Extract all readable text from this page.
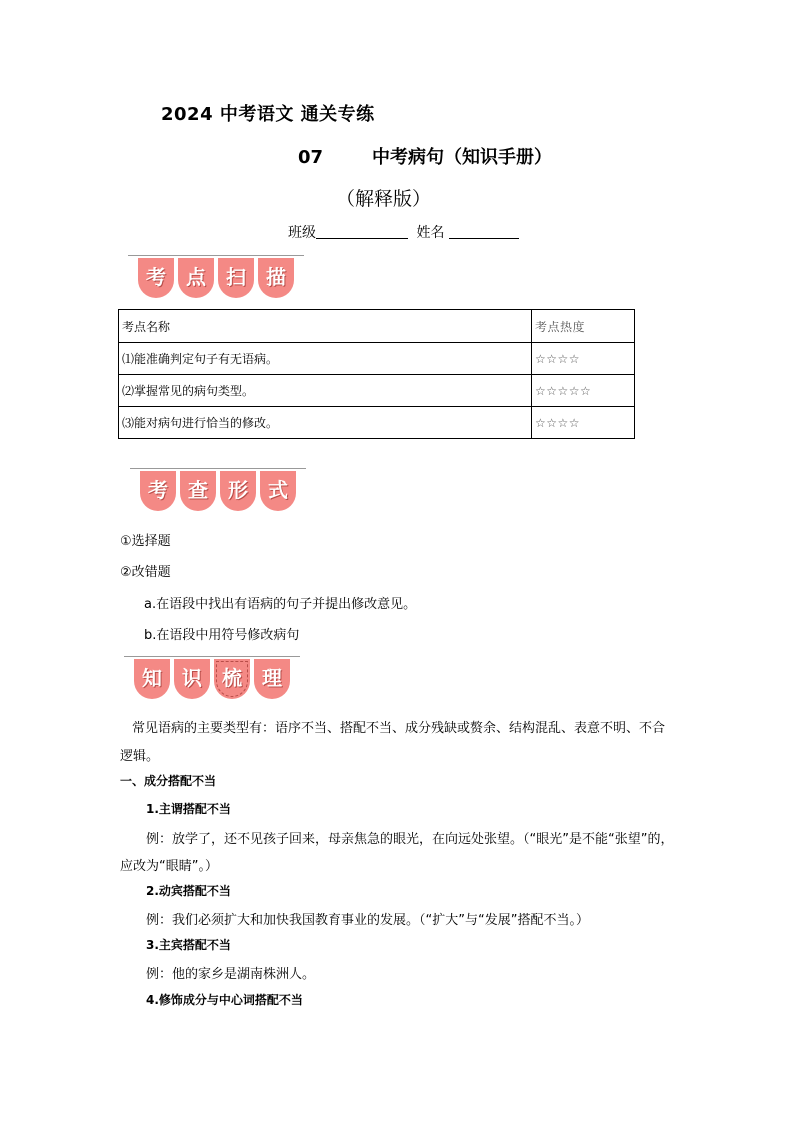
2024 中考语文 通关专练
07	中考病句（知识手册）
（解释版）
班级	姓名
考	点	扫	描
考点名称	考点热度
⑴能准确判定句子有无语病。	☆☆☆☆
⑵掌握常见的病句类型。	☆☆☆☆☆
⑶能对病句进行恰当的修改。	☆☆☆☆
考	查	形	式
①选择题
②改错题
a.在语段中找出有语病的句子并提出修改意见。
b.在语段中用符号修改病句
知	识	梳	理
常见语病的主要类型有：语序不当、搭配不当、成分残缺或赘余、结构混乱、表意不明、不合
逻辑。
一、成分搭配不当
1.主谓搭配不当
例：放学了，还不见孩子回来，母亲焦急的眼光，在向远处张望。（“眼光”是不能“张望”的，
应改为“眼睛”。）
2.动宾搭配不当
例：我们必须扩大和加快我国教育事业的发展。（“扩大”与“发展”搭配不当。）
3.主宾搭配不当
例：他的家乡是湖南株洲人。
4.修饰成分与中心词搭配不当
